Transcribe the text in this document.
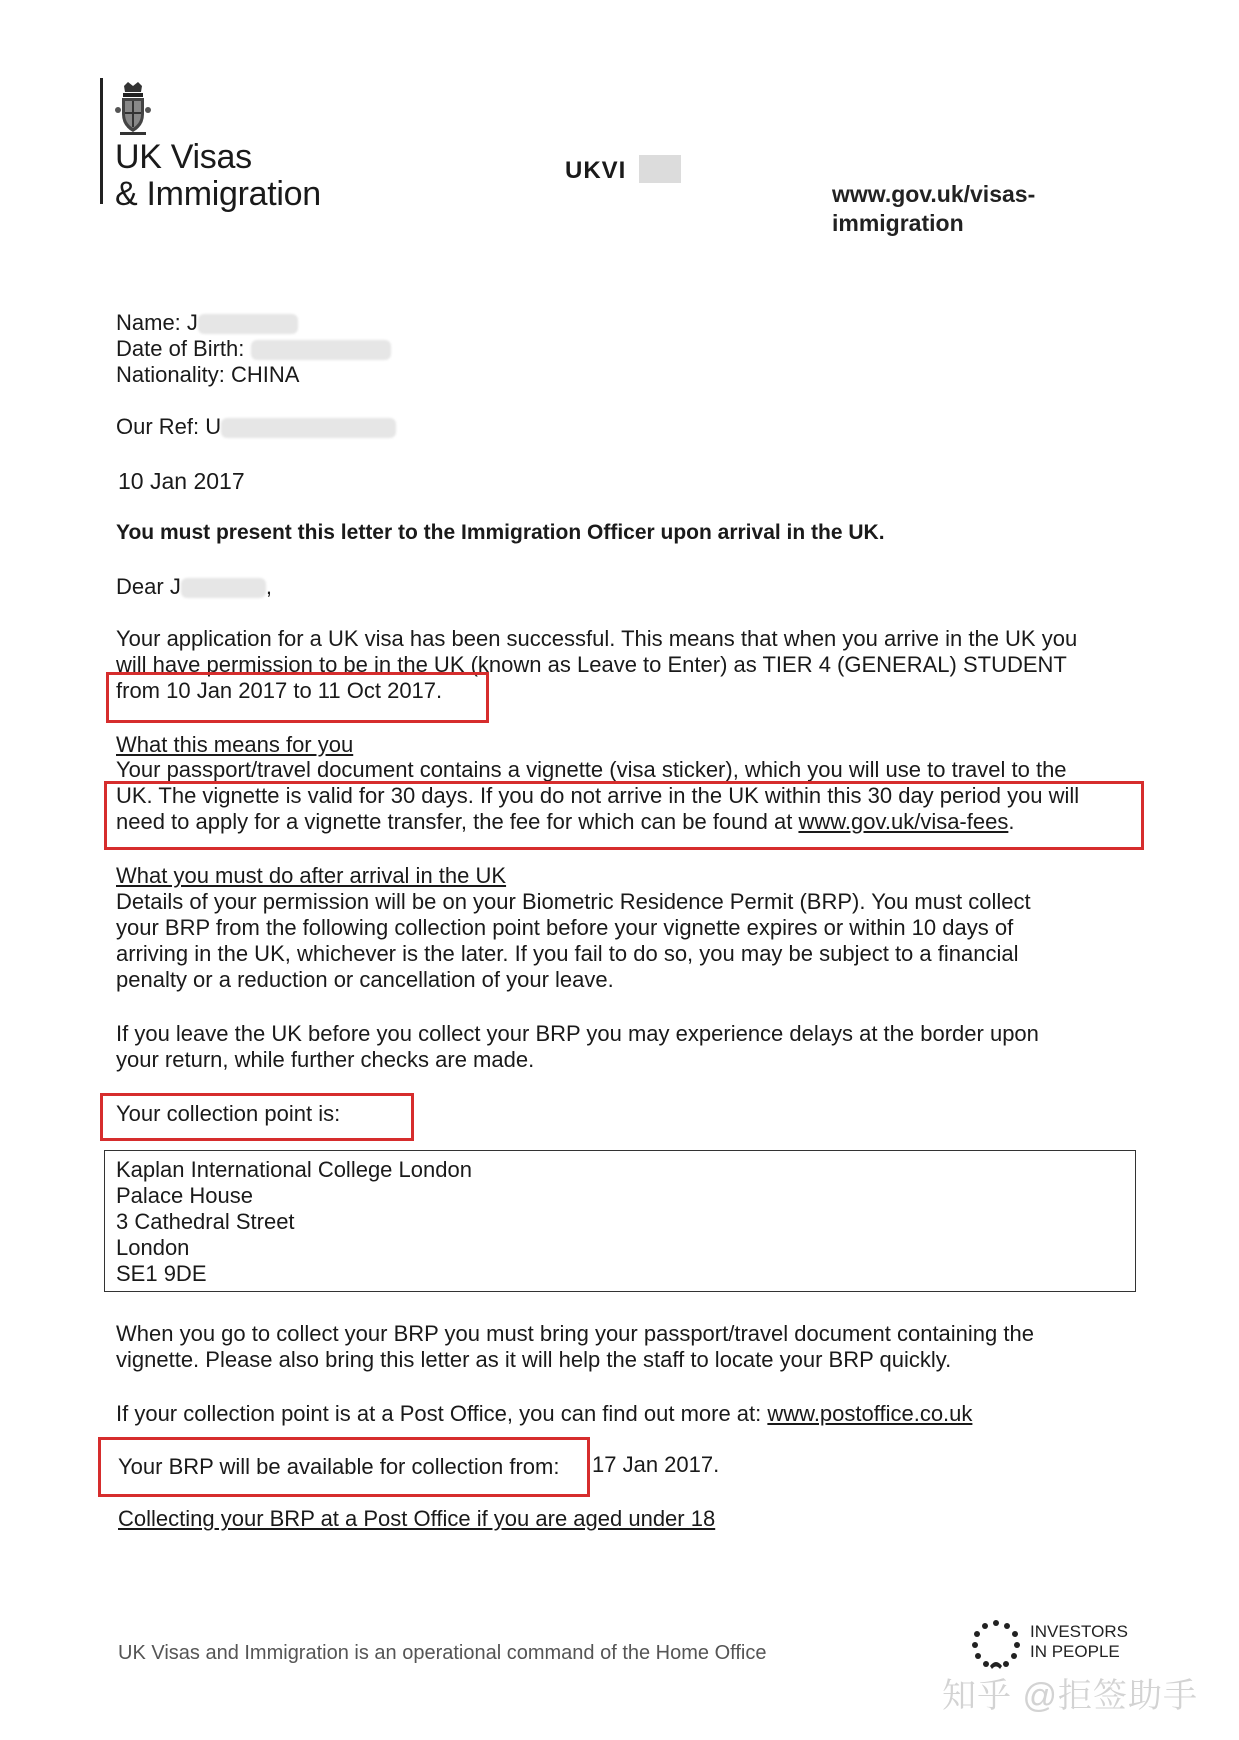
UK Visas
& Immigration
UKVI
www.gov.uk/visas-
immigration
Name: J
Date of Birth:
Nationality: CHINA
Our Ref: U
10 Jan 2017
You must present this letter to the Immigration Officer upon arrival in the UK.
Dear J	,
Your application for a UK visa has been successful. This means that when you arrive in the UK you
will have permission to be in the UK (known as Leave to Enter) as TIER 4 (GENERAL) STUDENT
from 10 Jan 2017 to 11 Oct 2017.
What this means for you
Your passport/travel document contains a vignette (visa sticker), which you will use to travel to the
UK. The vignette is valid for 30 days. If you do not arrive in the UK within this 30 day period you will
need to apply for a vignette transfer, the fee for which can be found at www.gov.uk/visa-fees.
What you must do after arrival in the UK
Details of your permission will be on your Biometric Residence Permit (BRP). You must collect
your BRP from the following collection point before your vignette expires or within 10 days of
arriving in the UK, whichever is the later. If you fail to do so, you may be subject to a financial
penalty or a reduction or cancellation of your leave.
If you leave the UK before you collect your BRP you may experience delays at the border upon
your return, while further checks are made.
Your collection point is:
Kaplan International College London
Palace House
3 Cathedral Street
London
SE1 9DE
When you go to collect your BRP you must bring your passport/travel document containing the
vignette. Please also bring this letter as it will help the staff to locate your BRP quickly.
If your collection point is at a Post Office, you can find out more at: www.postoffice.co.uk
Your BRP will be available for collection from: 17 Jan 2017.
Collecting your BRP at a Post Office if you are aged under 18
UK Visas and Immigration is an operational command of the Home Office
INVESTORS
IN PEOPLE
知乎 @拒签助手
